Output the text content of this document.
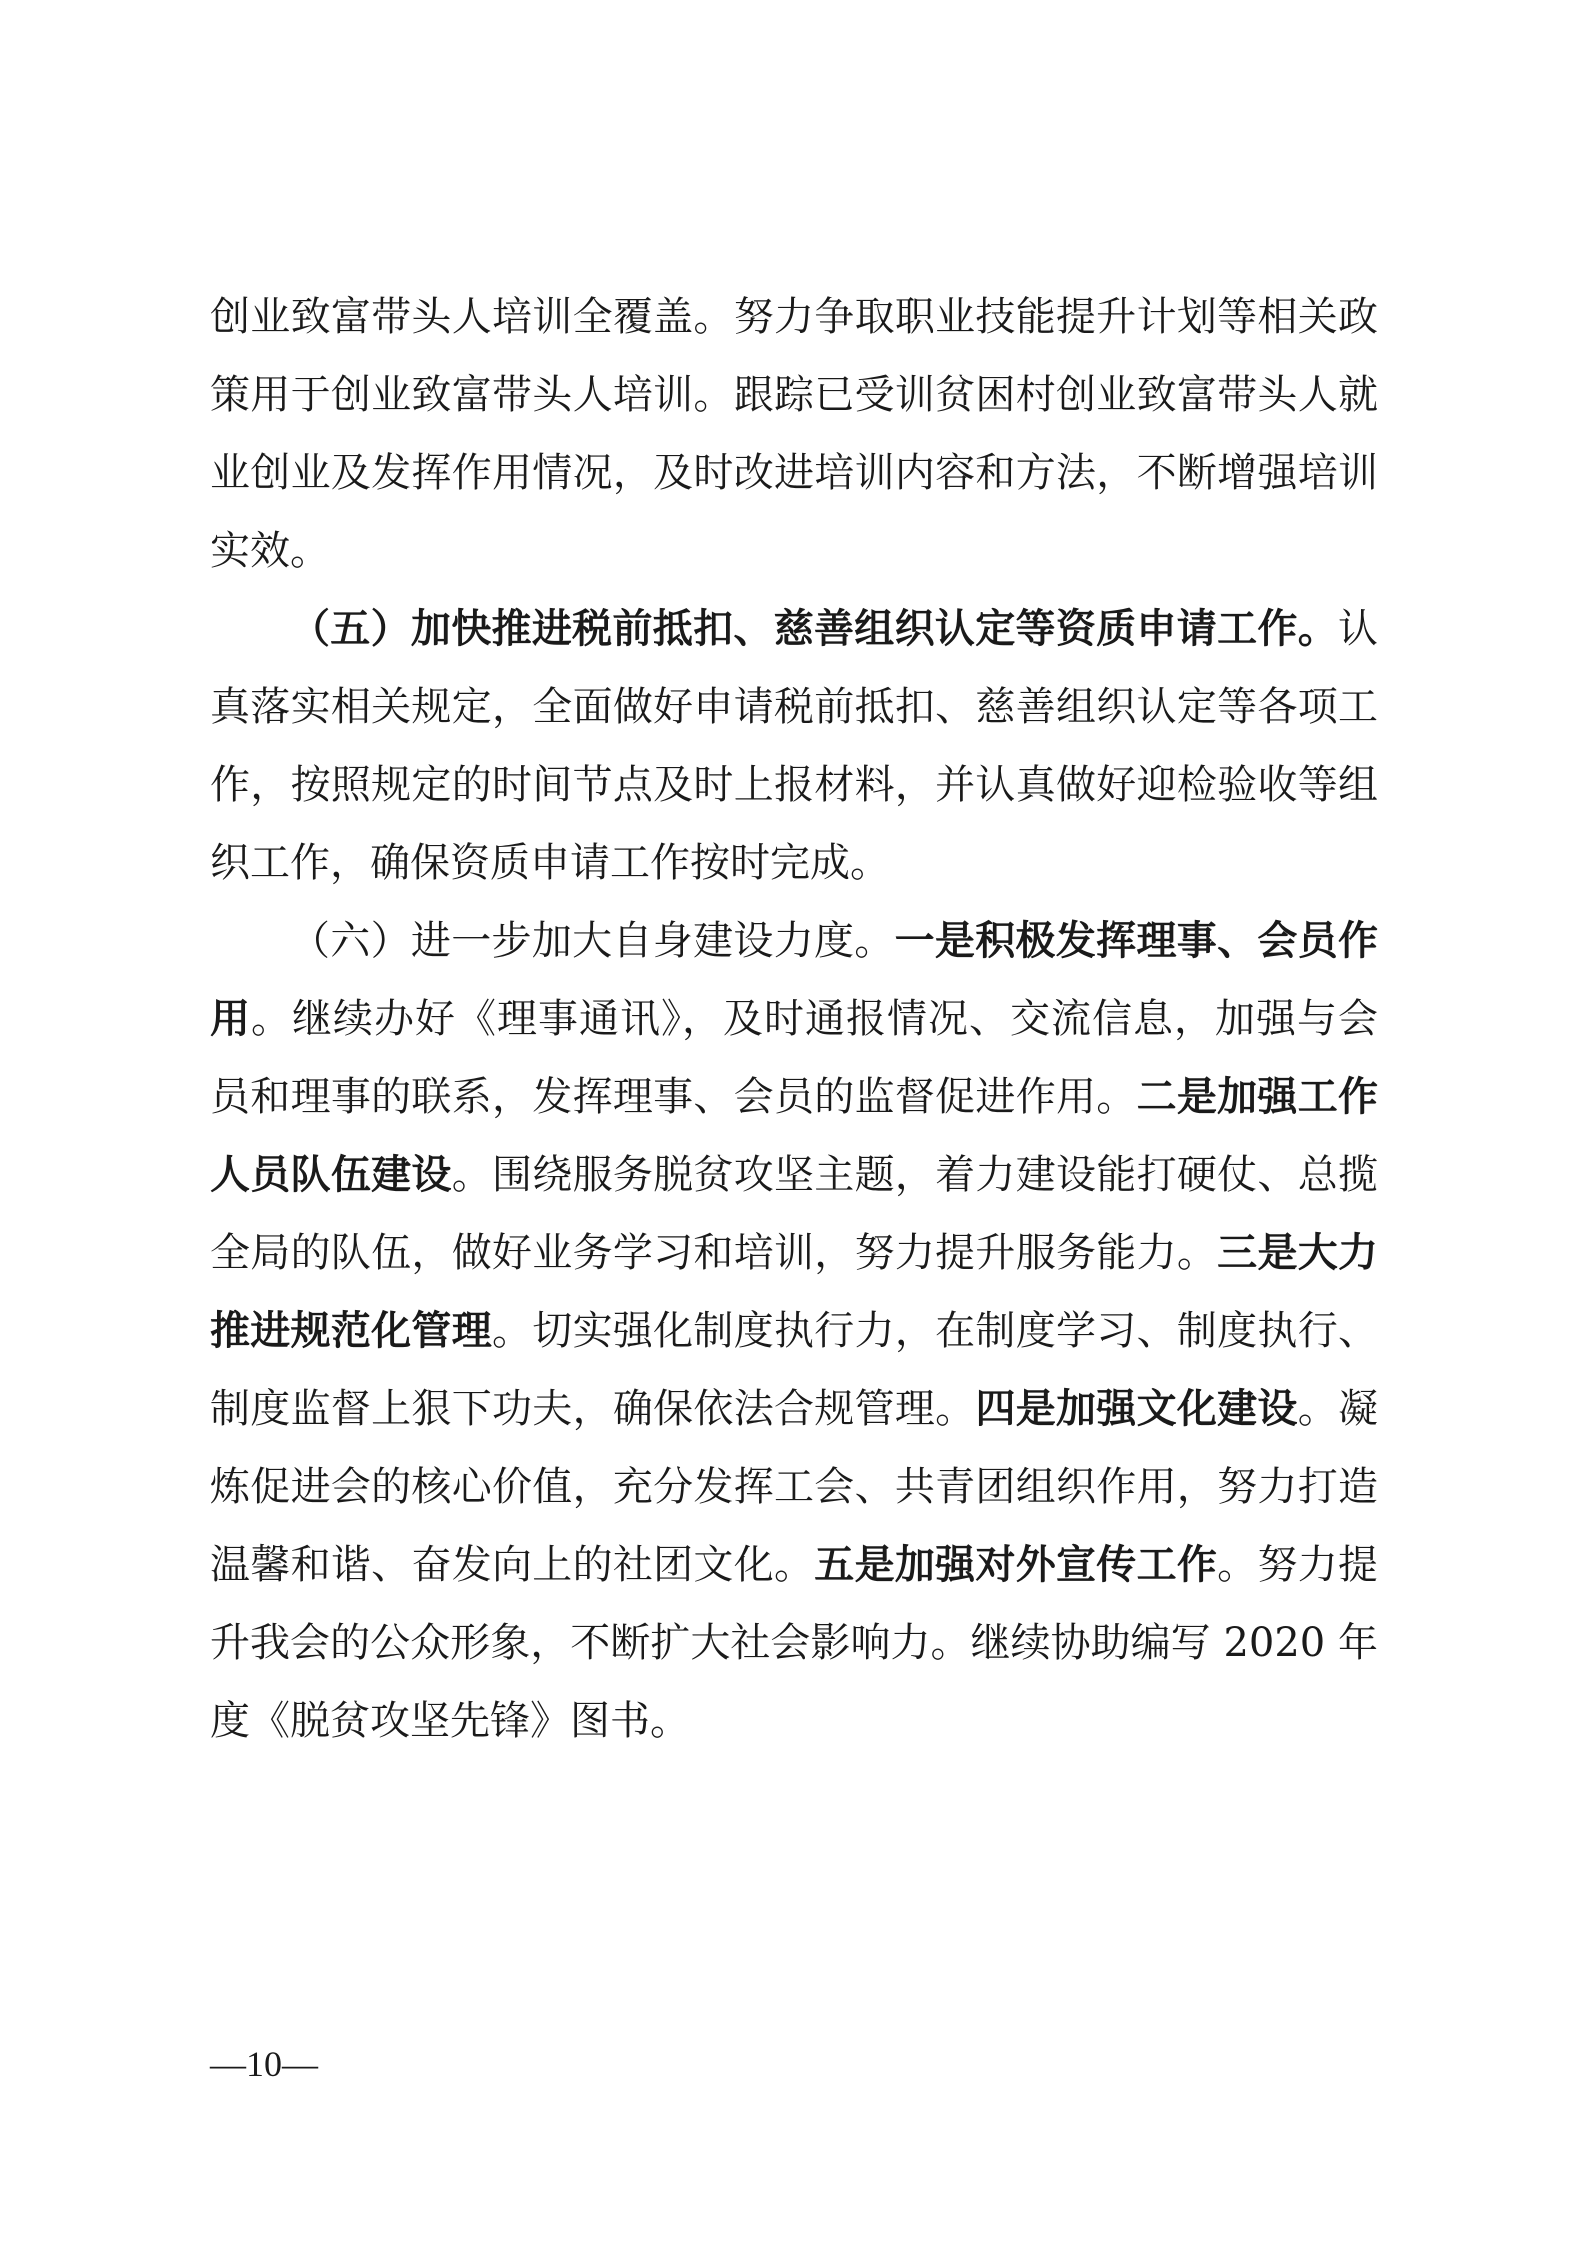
创业致富带头人培训全覆盖。努力争取职业技能提升计划等相关政策用于创业致富带头人培训。跟踪已受训贫困村创业致富带头人就业创业及发挥作用情况，及时改进培训内容和方法，不断增强培训实效。

（五）加快推进税前抵扣、慈善组织认定等资质申请工作。认真落实相关规定，全面做好申请税前抵扣、慈善组织认定等各项工作，按照规定的时间节点及时上报材料，并认真做好迎检验收等组织工作，确保资质申请工作按时完成。

（六）进一步加大自身建设力度。一是积极发挥理事、会员作用。继续办好《理事通讯》，及时通报情况、交流信息，加强与会员和理事的联系，发挥理事、会员的监督促进作用。二是加强工作人员队伍建设。围绕服务脱贫攻坚主题，着力建设能打硬仗、总揽全局的队伍，做好业务学习和培训，努力提升服务能力。三是大力推进规范化管理。切实强化制度执行力，在制度学习、制度执行、制度监督上狠下功夫，确保依法合规管理。四是加强文化建设。凝炼促进会的核心价值，充分发挥工会、共青团组织作用，努力打造温馨和谐、奋发向上的社团文化。五是加强对外宣传工作。努力提升我会的公众形象，不断扩大社会影响力。继续协助编写 2020 年度《脱贫攻坚先锋》图书。

—10—
